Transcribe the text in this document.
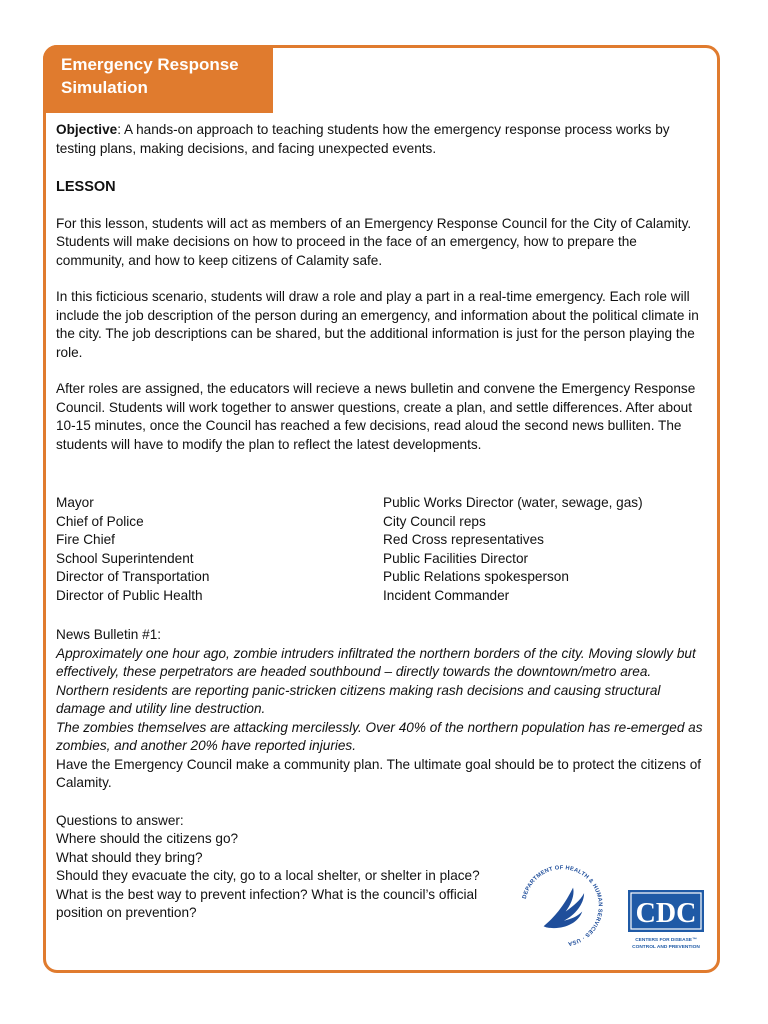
Emergency Response
Simulation

Objective: A hands-on approach to teaching students how the emergency response process works by testing plans, making decisions, and facing unexpected events.

LESSON

For this lesson, students will act as members of an Emergency Response Council for the City of Calamity. Students will make decisions on how to proceed in the face of an emergency, how to prepare the community, and how to keep citizens of Calamity safe.

In this ficticious scenario, students will draw a role and play a part in a real-time emergency. Each role will include the job description of the person during an emergency, and information about the political climate in the city. The job descriptions can be shared, but the additional information is just for the person playing the role.

After roles are assigned, the educators will recieve a news bulletin and convene the Emergency Response Council. Students will work together to answer questions, create a plan, and settle differences. After about 10-15 minutes, once the Council has reached a few decisions, read aloud the second news bulliten. The students will have to modify the plan to reflect the latest developments.

Mayor
Chief of Police
Fire Chief
School Superintendent
Director of Transportation
Director of Public Health
Public Works Director (water, sewage, gas)
City Council reps
Red Cross representatives
Public Facilities Director
Public Relations spokesperson
Incident Commander

News Bulletin #1:

Approximately one hour ago, zombie intruders infiltrated the northern borders of the city. Moving slowly but effectively, these perpetrators are headed southbound – directly towards the downtown/metro area. Northern residents are reporting panic-stricken citizens making rash decisions and causing structural damage and utility line destruction.

The zombies themselves are attacking mercilessly. Over 40% of the northern population has re-emerged as zombies, and another 20% have reported injuries.

Have the Emergency Council make a community plan. The ultimate goal should be to protect the citizens of Calamity.

Questions to answer:

Where should the citizens go?

What should they bring?

Should they evacuate the city, go to a local shelter, or shelter in place?

What is the best way to prevent infection? What is the council’s official position on prevention?

DEPARTMENT OF HEALTH & HUMAN SERVICES · USA
CDC
CENTERS FOR DISEASE™
CONTROL AND PREVENTION
